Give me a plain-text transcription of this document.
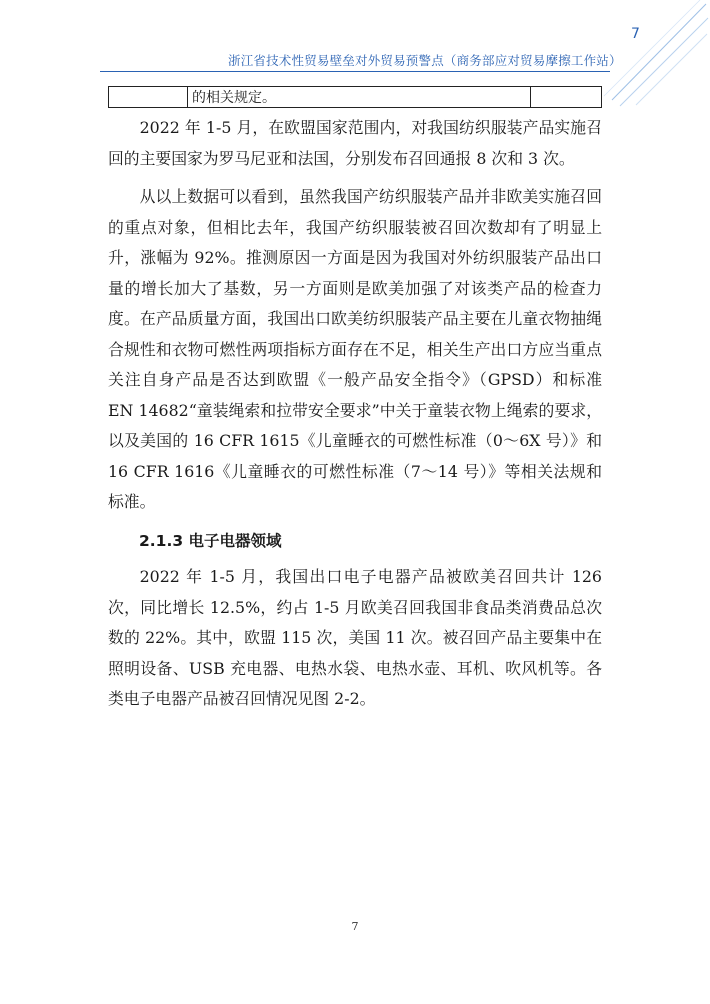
7
浙江省技术性贸易壁垒对外贸易预警点（商务部应对贸易摩擦工作站）
	的相关规定。	

2022 年 1-5 月，在欧盟国家范围内，对我国纺织服装产品实施召回的主要国家为罗马尼亚和法国，分别发布召回通报 8 次和 3 次。

从以上数据可以看到，虽然我国产纺织服装产品并非欧美实施召回的重点对象，但相比去年，我国产纺织服装被召回次数却有了明显上升，涨幅为 92%。推测原因一方面是因为我国对外纺织服装产品出口量的增长加大了基数，另一方面则是欧美加强了对该类产品的检查力度。在产品质量方面，我国出口欧美纺织服装产品主要在儿童衣物抽绳合规性和衣物可燃性两项指标方面存在不足，相关生产出口方应当重点关注自身产品是否达到欧盟《一般产品安全指令》（GPSD）和标准 EN 14682“童装绳索和拉带安全要求”中关于童装衣物上绳索的要求，以及美国的 16 CFR 1615《儿童睡衣的可燃性标准（0～6X 号）》和 16 CFR 1616《儿童睡衣的可燃性标准（7～14 号）》等相关法规和标准。

2.1.3 电子电器领域

2022 年 1-5 月，我国出口电子电器产品被欧美召回共计 126 次，同比增长 12.5%，约占 1-5 月欧美召回我国非食品类消费品总次数的 22%。其中，欧盟 115 次，美国 11 次。被召回产品主要集中在照明设备、USB 充电器、电热水袋、电热水壶、耳机、吹风机等。各类电子电器产品被召回情况见图 2-2。

7
